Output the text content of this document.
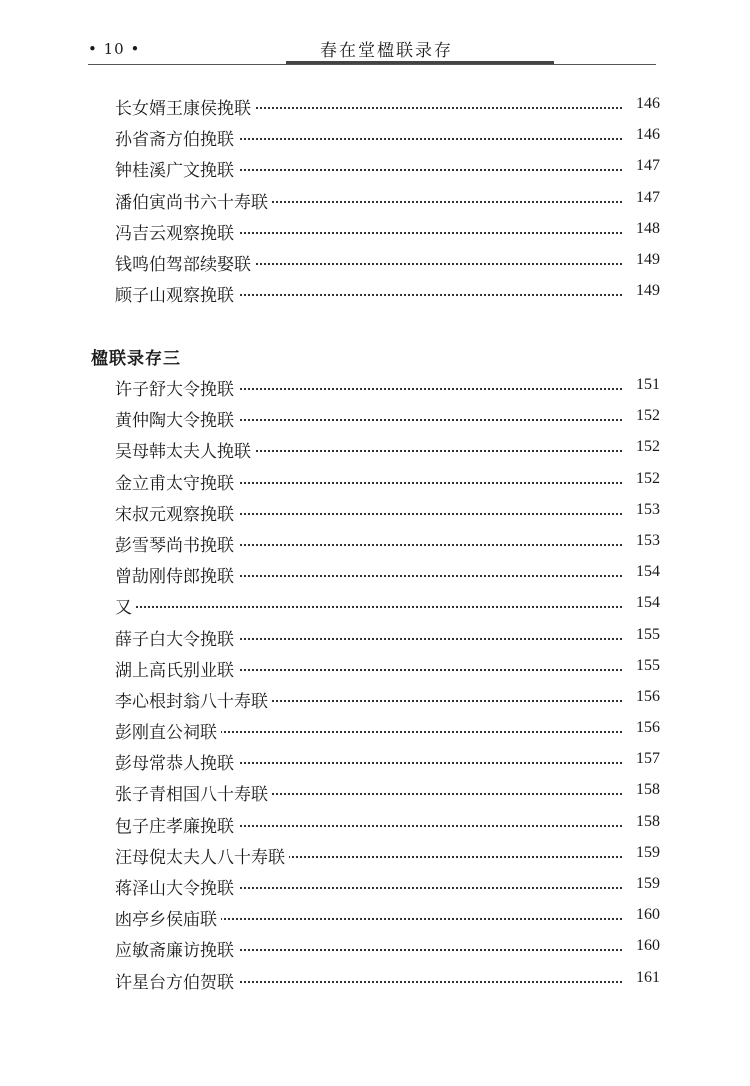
• 10 •	春在堂楹联录存
长女婿王康侯挽联	146
孙省斋方伯挽联	146
钟桂溪广文挽联	147
潘伯寅尚书六十寿联	147
冯吉云观察挽联	148
钱鸣伯驾部续娶联	149
顾子山观察挽联	149
楹联录存三
许子舒大令挽联	151
黄仲陶大令挽联	152
吴母韩太夫人挽联	152
金立甫太守挽联	152
宋叔元观察挽联	153
彭雪琴尚书挽联	153
曾劼刚侍郎挽联	154
又	154
薛子白大令挽联	155
湖上高氏别业联	155
李心根封翁八十寿联	156
彭刚直公祠联	156
彭母常恭人挽联	157
张子青相国八十寿联	158
包子庄孝廉挽联	158
汪母倪太夫人八十寿联	159
蒋泽山大令挽联	159
凼亭乡侯庙联	160
应敏斋廉访挽联	160
许星台方伯贺联	161
